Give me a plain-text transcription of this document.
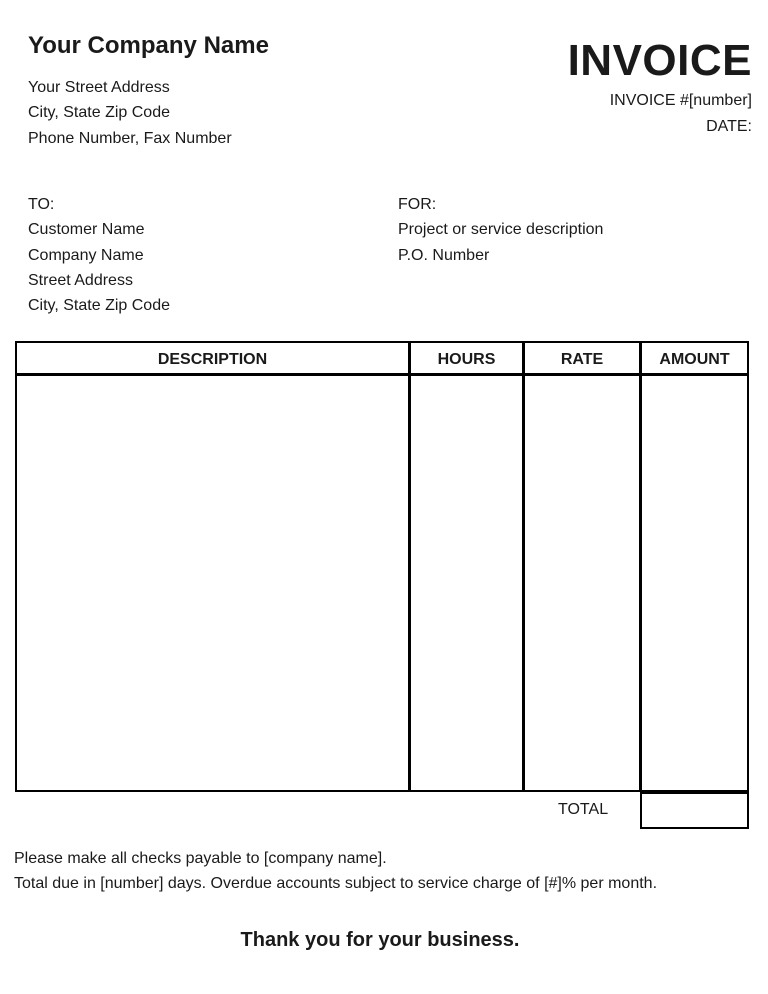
Your Company Name
Your Street Address
City, State Zip Code
Phone Number, Fax Number
INVOICE
INVOICE #[number]
DATE:
TO:
Customer Name
Company Name
Street Address
City, State Zip Code
FOR:
Project or service description
P.O. Number
DESCRIPTION	HOURS	RATE	AMOUNT
TOTAL
Please make all checks payable to [company name].
Total due in [number] days. Overdue accounts subject to service charge of [#]% per month.
Thank you for your business.
